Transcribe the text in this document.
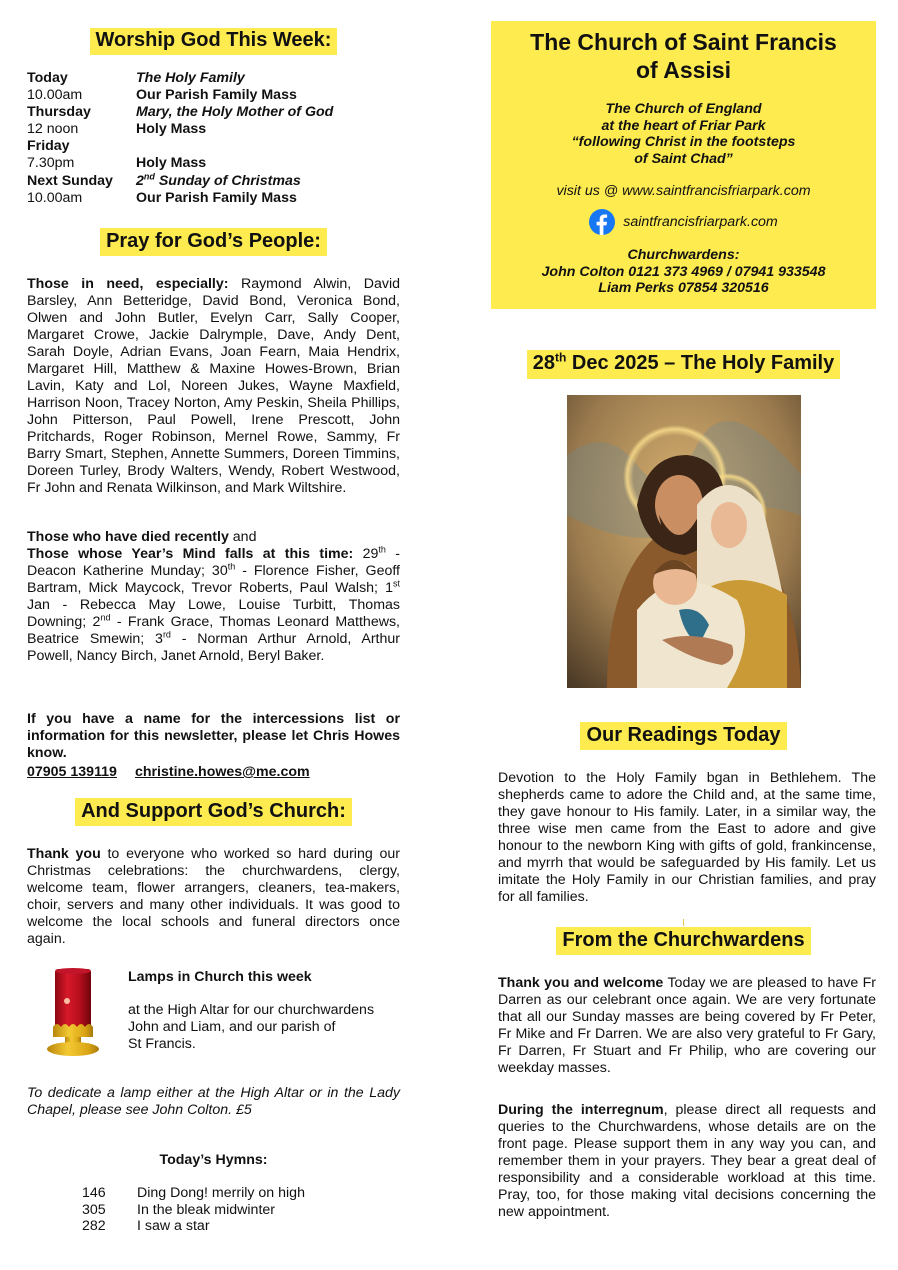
Worship God This Week:
Today	The Holy Family
10.00am	Our Parish Family Mass
Thursday	Mary, the Holy Mother of God
12 noon	Holy Mass
Friday
7.30pm	Holy Mass
Next Sunday	2nd Sunday of Christmas
10.00am	Our Parish Family Mass
Pray for God’s People:
Those in need, especially: Raymond Alwin, David Barsley, Ann Betteridge, David Bond, Veronica Bond, Olwen and John Butler, Evelyn Carr, Sally Cooper, Margaret Crowe, Jackie Dalrymple, Dave, Andy Dent, Sarah Doyle, Adrian Evans, Joan Fearn, Maia Hendrix, Margaret Hill, Matthew & Maxine Howes-Brown, Brian Lavin, Katy and Lol, Noreen Jukes, Wayne Maxfield, Harrison Noon, Tracey Norton, Amy Peskin, Sheila Phillips, John Pitterson, Paul Powell, Irene Prescott, John Pritchards, Roger Robinson, Mernel Rowe, Sammy, Fr Barry Smart, Stephen, Annette Summers, Doreen Timmins, Doreen Turley, Brody Walters, Wendy, Robert Westwood, Fr John and Renata Wilkinson, and Mark Wiltshire.
Those who have died recently and
Those whose Year’s Mind falls at this time: 29th - Deacon Katherine Munday; 30th - Florence Fisher, Geoff Bartram, Mick Maycock, Trevor Roberts, Paul Walsh; 1st Jan - Rebecca May Lowe, Louise Turbitt, Thomas Downing; 2nd - Frank Grace, Thomas Leonard Matthews, Beatrice Smewin; 3rd - Norman Arthur Arnold, Arthur Powell, Nancy Birch, Janet Arnold, Beryl Baker.
If you have a name for the intercessions list or information for this newsletter, please let Chris Howes know.
07905 139119 christine.howes@me.com
And Support God’s Church:
Thank you to everyone who worked so hard during our Christmas celebrations: the churchwardens, clergy, welcome team, flower arrangers, cleaners, tea-makers, choir, servers and many other individuals. It was good to welcome the local schools and funeral directors once again.
Lamps in Church this week
at the High Altar for our churchwardens
John and Liam, and our parish of
St Francis.
To dedicate a lamp either at the High Altar or in the Lady Chapel, please see John Colton. £5
Today’s Hymns:
146	Ding Dong! merrily on high
305	In the bleak midwinter
282	I saw a star
The Church of Saint Francis
of Assisi
The Church of England
at the heart of Friar Park
“following Christ in the footsteps
of Saint Chad”
visit us @ www.saintfrancisfriarpark.com
saintfrancisfriarpark.com
Churchwardens:
John Colton 0121 373 4969 / 07941 933548
Liam Perks 07854 320516
28th Dec 2025 – The Holy Family
Our Readings Today
Devotion to the Holy Family bgan in Bethlehem. The shepherds came to adore the Child and, at the same time, they gave honour to His family. Later, in a similar way, the three wise men came from the East to adore and give honour to the newborn King with gifts of gold, frankincense, and myrrh that would be safeguarded by His family. Let us imitate the Holy Family in our Christian families, and pray for all families.
From the Churchwardens
Thank you and welcome Today we are pleased to have Fr Darren as our celebrant once again. We are very fortunate that all our Sunday masses are being covered by Fr Peter, Fr Mike and Fr Darren. We are also very grateful to Fr Gary, Fr Darren, Fr Stuart and Fr Philip, who are covering our weekday masses.
During the interregnum, please direct all requests and queries to the Churchwardens, whose details are on the front page. Please support them in any way you can, and remember them in your prayers. They bear a great deal of responsibility and a considerable workload at this time. Pray, too, for those making vital decisions concerning the new appointment.
